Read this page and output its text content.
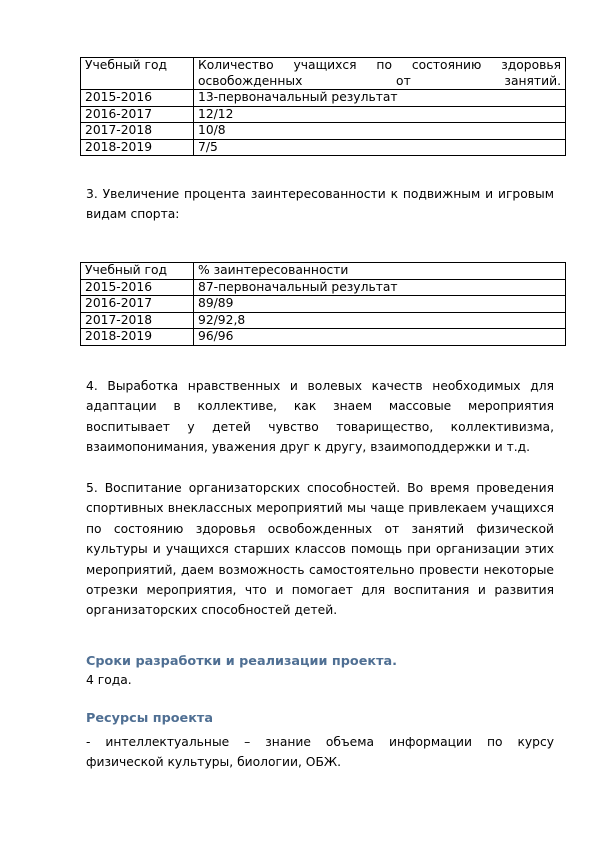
Учебный год	Количество учащихся по состоянию здоровья освобожденных от занятий.
2015-2016	13-первоначальный результат
2016-2017	12/12
2017-2018	10/8
2018-2019	7/5
3. Увеличение процента заинтересованности к подвижным и игровым видам спорта:
Учебный год	% заинтересованности
2015-2016	87-первоначальный результат
2016-2017	89/89
2017-2018	92/92,8
2018-2019	96/96
4. Выработка нравственных и волевых качеств необходимых для адаптации в коллективе, как знаем массовые мероприятия воспитывает у детей чувство товарищество, коллективизма, взаимопонимания, уважения друг к другу, взаимоподдержки и т.д.
5. Воспитание организаторских способностей. Во время проведения спортивных внеклассных мероприятий мы чаще привлекаем учащихся по состоянию здоровья освобожденных от занятий физической культуры и учащихся старших классов помощь при организации этих мероприятий, даем возможность самостоятельно провести некоторые отрезки мероприятия, что и помогает для воспитания и развития организаторских способностей детей.
Сроки разработки и реализации проекта.
4 года.
Ресурсы проекта
- интеллектуальные – знание объема информации по курсу физической культуры, биологии, ОБЖ.
